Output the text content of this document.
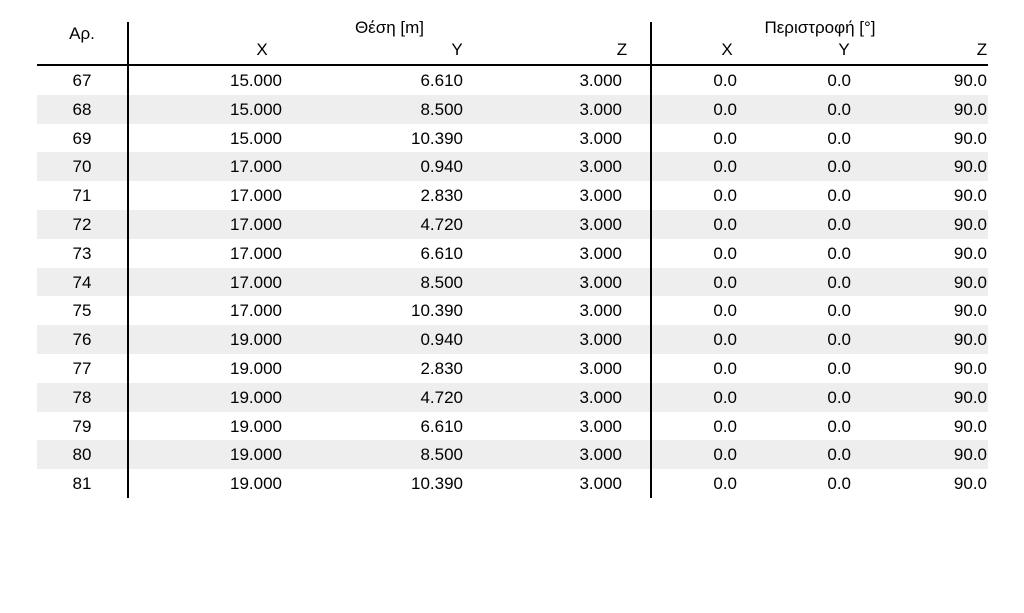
Αρ.	Θέση [m]	Περιστροφή [°]
X	Y	Z	X	Y	Z
67	15.000	6.610	3.000	0.0	0.0	90.0
68	15.000	8.500	3.000	0.0	0.0	90.0
69	15.000	10.390	3.000	0.0	0.0	90.0
70	17.000	0.940	3.000	0.0	0.0	90.0
71	17.000	2.830	3.000	0.0	0.0	90.0
72	17.000	4.720	3.000	0.0	0.0	90.0
73	17.000	6.610	3.000	0.0	0.0	90.0
74	17.000	8.500	3.000	0.0	0.0	90.0
75	17.000	10.390	3.000	0.0	0.0	90.0
76	19.000	0.940	3.000	0.0	0.0	90.0
77	19.000	2.830	3.000	0.0	0.0	90.0
78	19.000	4.720	3.000	0.0	0.0	90.0
79	19.000	6.610	3.000	0.0	0.0	90.0
80	19.000	8.500	3.000	0.0	0.0	90.0
81	19.000	10.390	3.000	0.0	0.0	90.0
